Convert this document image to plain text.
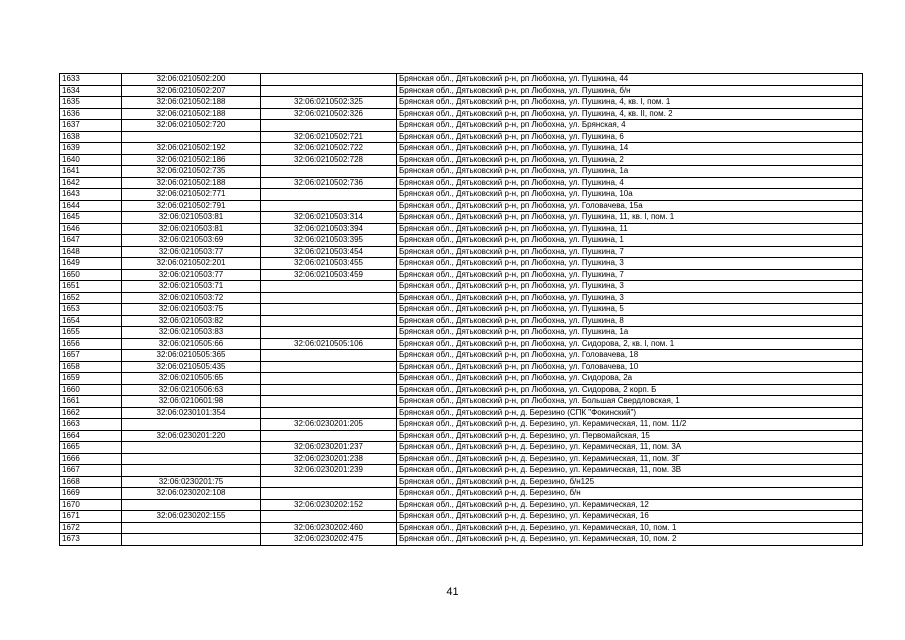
1633	32:06:0210502:200		Брянская обл., Дятьковский р-н, рп Любохна, ул. Пушкина, 44
1634	32:06:0210502:207		Брянская обл., Дятьковский р-н, рп Любохна, ул. Пушкина, б/н
1635	32:06:0210502:188	32:06:0210502:325	Брянская обл., Дятьковский р-н, рп Любохна, ул. Пушкина, 4, кв. I, пом. 1
1636	32:06:0210502:188	32:06:0210502:326	Брянская обл., Дятьковский р-н, рп Любохна, ул. Пушкина, 4, кв. II, пом. 2
1637	32:06:0210502:720		Брянская обл., Дятьковский р-н, рп Любохна, ул. Брянская, 4
1638		32:06:0210502:721	Брянская обл., Дятьковский р-н, рп Любохна, ул. Пушкина, 6
1639	32:06:0210502:192	32:06:0210502:722	Брянская обл., Дятьковский р-н, рп Любохна, ул. Пушкина, 14
1640	32:06:0210502:186	32:06:0210502:728	Брянская обл., Дятьковский р-н, рп Любохна, ул. Пушкина, 2
1641	32:06:0210502:735		Брянская обл., Дятьковский р-н, рп Любохна, ул. Пушкина, 1а
1642	32:06:0210502:188	32:06:0210502:736	Брянская обл., Дятьковский р-н, рп Любохна, ул. Пушкина, 4
1643	32:06:0210502:771		Брянская обл., Дятьковский р-н, рп Любохна, ул. Пушкина, 10а
1644	32:06:0210502:791		Брянская обл., Дятьковский р-н, рп Любохна, ул. Головачева, 15а
1645	32:06:0210503:81	32:06:0210503:314	Брянская обл., Дятьковский р-н, рп Любохна, ул. Пушкина, 11, кв. I, пом. 1
1646	32:06:0210503:81	32:06:0210503:394	Брянская обл., Дятьковский р-н, рп Любохна, ул. Пушкина, 11
1647	32:06:0210503:69	32:06:0210503:395	Брянская обл., Дятьковский р-н, рп Любохна, ул. Пушкина, 1
1648	32:06:0210503:77	32:06:0210503:454	Брянская обл., Дятьковский р-н, рп Любохна, ул. Пушкина, 7
1649	32:06:0210502:201	32:06:0210503:455	Брянская обл., Дятьковский р-н, рп Любохна, ул. Пушкина, 3
1650	32:06:0210503:77	32:06:0210503:459	Брянская обл., Дятьковский р-н, рп Любохна, ул. Пушкина, 7
1651	32:06:0210503:71		Брянская обл., Дятьковский р-н, рп Любохна, ул. Пушкина, 3
1652	32:06:0210503:72		Брянская обл., Дятьковский р-н, рп Любохна, ул. Пушкина, 3
1653	32:06:0210503:75		Брянская обл., Дятьковский р-н, рп Любохна, ул. Пушкина, 5
1654	32:06:0210503:82		Брянская обл., Дятьковский р-н, рп Любохна, ул. Пушкина, 8
1655	32:06:0210503:83		Брянская обл., Дятьковский р-н, рп Любохна, ул. Пушкина, 1а
1656	32:06:0210505:66	32:06:0210505:106	Брянская обл., Дятьковский р-н, рп Любохна, ул. Сидорова, 2, кв. I, пом. 1
1657	32:06:0210505:365		Брянская обл., Дятьковский р-н, рп Любохна, ул. Головачева, 18
1658	32:06:0210505:435		Брянская обл., Дятьковский р-н, рп Любохна, ул. Головачева, 10
1659	32:06:0210505:65		Брянская обл., Дятьковский р-н, рп Любохна, ул. Сидорова, 2а
1660	32:06:0210506:63		Брянская обл., Дятьковский р-н, рп Любохна, ул. Сидорова, 2 корп. Б
1661	32:06:0210601:98		Брянская обл., Дятьковский р-н, рп Любохна, ул. Большая Свердловская, 1
1662	32:06:0230101:354		Брянская обл., Дятьковский р-н, д. Березино (СПК "Фокинский")
1663		32:06:0230201:205	Брянская обл., Дятьковский р-н, д. Березино, ул. Керамическая, 11, пом. 11/2
1664	32:06:0230201:220		Брянская обл., Дятьковский р-н, д. Березино, ул. Первомайская, 15
1665		32:06:0230201:237	Брянская обл., Дятьковский р-н, д. Березино, ул. Керамическая, 11, пом. 3А
1666		32:06:0230201:238	Брянская обл., Дятьковский р-н, д. Березино, ул. Керамическая, 11, пом. 3Г
1667		32:06:0230201:239	Брянская обл., Дятьковский р-н, д. Березино, ул. Керамическая, 11, пом. 3В
1668	32:06:0230201:75		Брянская обл., Дятьковский р-н, д. Березино, б/н125
1669	32:06:0230202:108		Брянская обл., Дятьковский р-н, д. Березино, б/н
1670		32:06:0230202:152	Брянская обл., Дятьковский р-н, д. Березино, ул. Керамическая, 12
1671	32:06:0230202:155		Брянская обл., Дятьковский р-н, д. Березино, ул. Керамическая, 16
1672		32:06:0230202:460	Брянская обл., Дятьковский р-н, д. Березино, ул. Керамическая, 10, пом. 1
1673		32:06:0230202:475	Брянская обл., Дятьковский р-н, д. Березино, ул. Керамическая, 10, пом. 2
41
